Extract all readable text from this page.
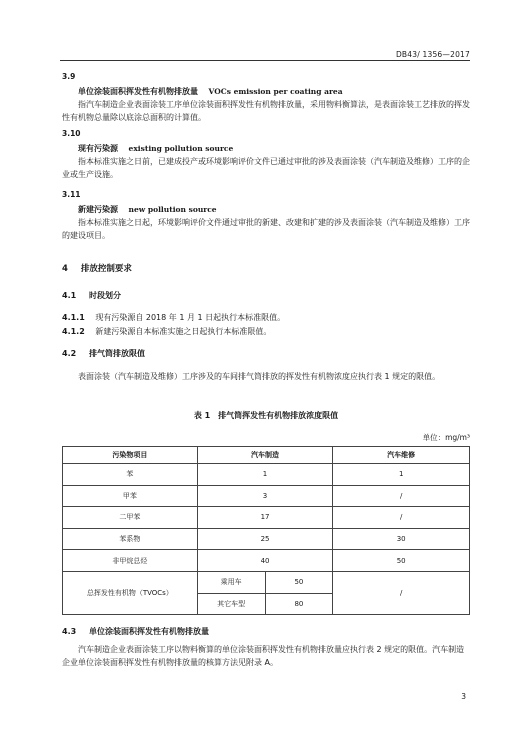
DB43/ 1356—2017
3.9
单位涂装面积挥发性有机物排放量 VOCs emission per coating area
指汽车制造企业表面涂装工序单位涂装面积挥发性有机物排放量，采用物料衡算法，是表面涂装工艺排放的挥发性有机物总量除以底涂总面积的计算值。
3.10
现有污染源 existing pollution source
指本标准实施之日前，已建成投产或环境影响评价文件已通过审批的涉及表面涂装（汽车制造及维修）工序的企业或生产设施。
3.11
新建污染源 new pollution source
指本标准实施之日起，环境影响评价文件通过审批的新建、改建和扩建的涉及表面涂装（汽车制造及维修）工序的建设项目。
4 排放控制要求
4.1 时段划分
4.1.1 现有污染源自 2018 年 1 月 1 日起执行本标准限值。
4.1.2 新建污染源自本标准实施之日起执行本标准限值。
4.2 排气筒排放限值
表面涂装（汽车制造及维修）工序涉及的车间排气筒排放的挥发性有机物浓度应执行表 1 规定的限值。
表 1　排气筒挥发性有机物排放浓度限值
单位：mg/m³
污染物项目	汽车制造		汽车维修
苯	1		1
甲苯	3		/
二甲苯	17		/
苯系物	25		30
非甲烷总烃	40		50
总挥发性有机物（TVOCs）	乘用车	50	/
	其它车型	80	
4.3 单位涂装面积挥发性有机物排放量
汽车制造企业表面涂装工序以物料衡算的单位涂装面积挥发性有机物排放量应执行表 2 规定的限值。汽车制造企业单位涂装面积挥发性有机物排放量的核算方法见附录 A。
3
